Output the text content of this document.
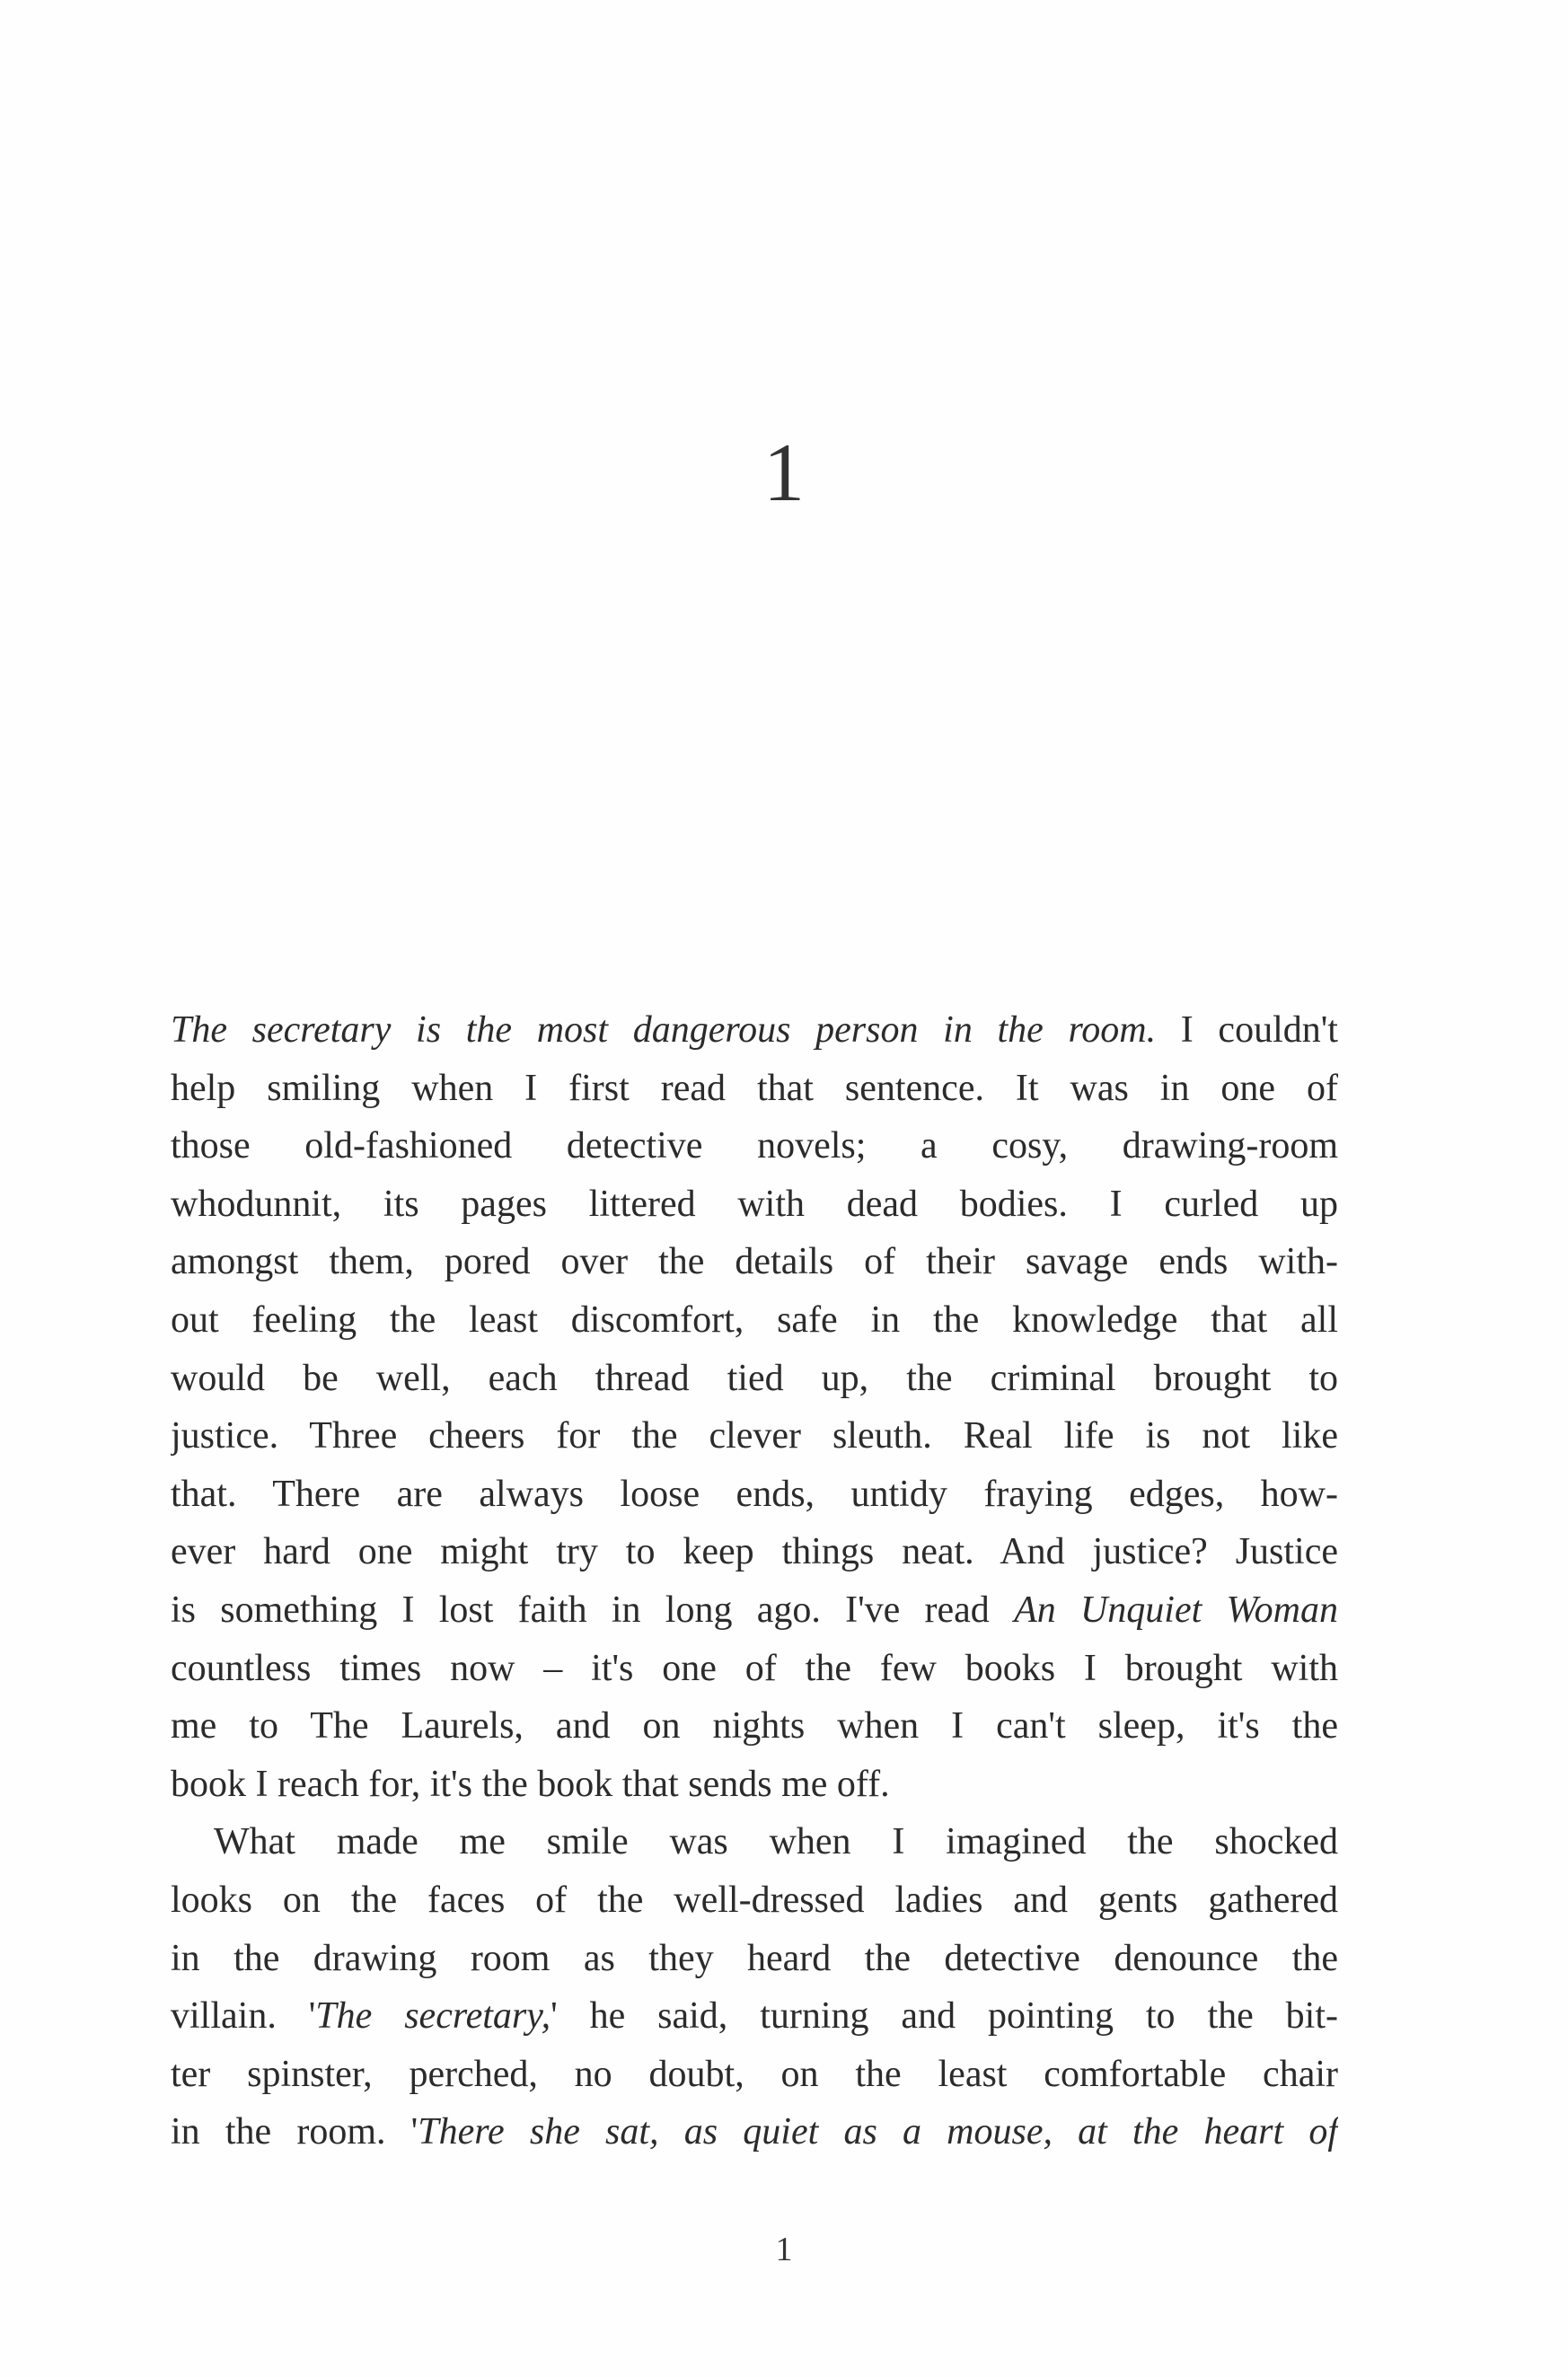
1
The secretary is the most dangerous person in the room. I couldn't
help smiling when I first read that sentence. It was in one of
those old-fashioned detective novels; a cosy, drawing-room
whodunnit, its pages littered with dead bodies. I curled up
amongst them, pored over the details of their savage ends with-
out feeling the least discomfort, safe in the knowledge that all
would be well, each thread tied up, the criminal brought to
justice. Three cheers for the clever sleuth. Real life is not like
that. There are always loose ends, untidy fraying edges, how-
ever hard one might try to keep things neat. And justice? Justice
is something I lost faith in long ago. I've read An Unquiet Woman
countless times now – it's one of the few books I brought with
me to The Laurels, and on nights when I can't sleep, it's the
book I reach for, it's the book that sends me off.
What made me smile was when I imagined the shocked
looks on the faces of the well-dressed ladies and gents gathered
in the drawing room as they heard the detective denounce the
villain. 'The secretary,' he said, turning and pointing to the bit-
ter spinster, perched, no doubt, on the least comfortable chair
in the room. 'There she sat, as quiet as a mouse, at the heart of
1
